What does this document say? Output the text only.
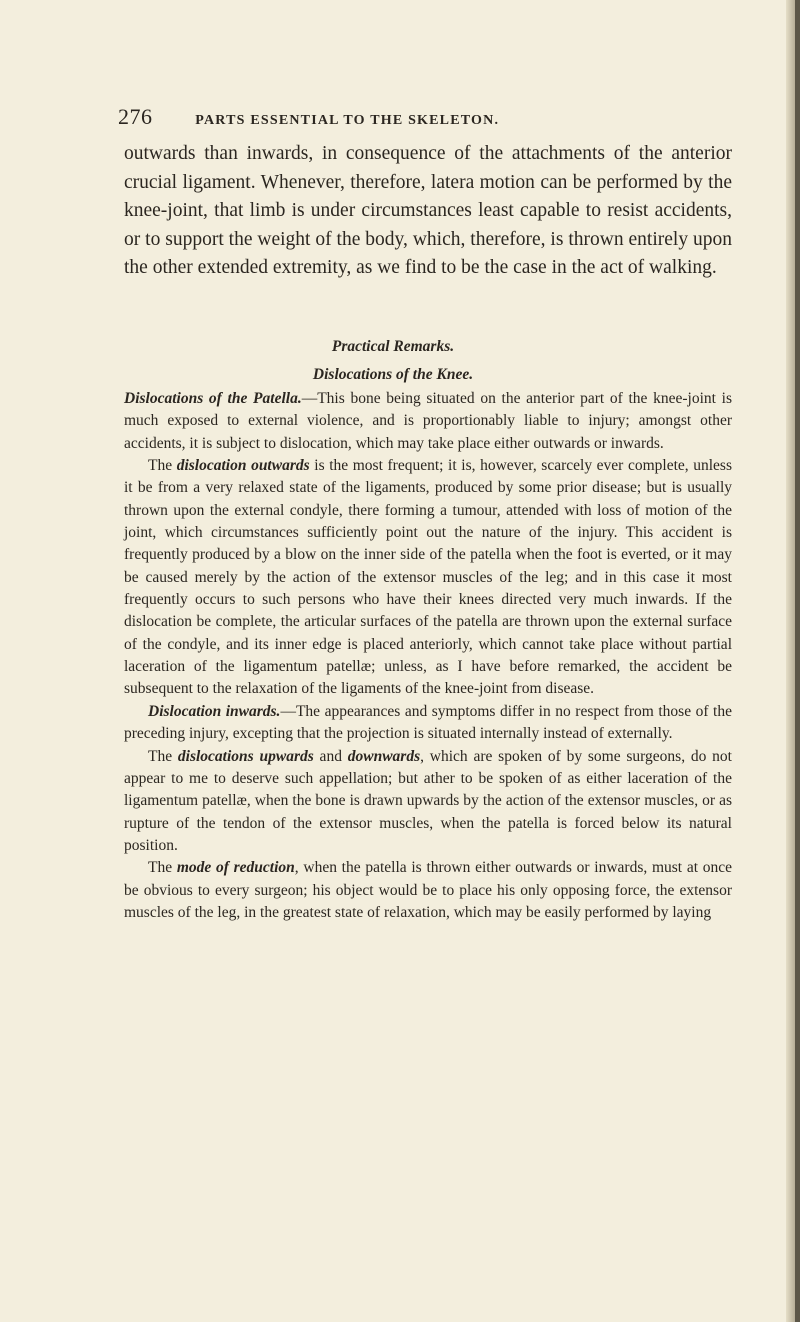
276	PARTS ESSENTIAL TO THE SKELETON.

outwards than inwards, in consequence of the attachments of the anterior crucial ligament. Whenever, therefore, latera motion can be performed by the knee-joint, that limb is under circumstances least capable to resist accidents, or to support the weight of the body, which, therefore, is thrown entirely upon the other extended extremity, as we find to be the case in the act of walking.

Practical Remarks.
Dislocations of the Knee.

Dislocations of the Patella.—This bone being situated on the anterior part of the knee-joint is much exposed to external violence, and is proportionably liable to injury; amongst other accidents, it is subject to dislocation, which may take place either outwards or inwards.

The dislocation outwards is the most frequent; it is, however, scarcely ever complete, unless it be from a very relaxed state of the ligaments, produced by some prior disease; but is usually thrown upon the external condyle, there forming a tumour, attended with loss of motion of the joint, which circumstances sufficiently point out the nature of the injury. This accident is frequently produced by a blow on the inner side of the patella when the foot is everted, or it may be caused merely by the action of the extensor muscles of the leg; and in this case it most frequently occurs to such persons who have their knees directed very much inwards. If the dislocation be complete, the articular surfaces of the patella are thrown upon the external surface of the condyle, and its inner edge is placed anteriorly, which cannot take place without partial laceration of the ligamentum patellæ; unless, as I have before remarked, the accident be subsequent to the relaxation of the ligaments of the knee-joint from disease.

Dislocation inwards.—The appearances and symptoms differ in no respect from those of the preceding injury, excepting that the projection is situated internally instead of externally.

The dislocations upwards and downwards, which are spoken of by some surgeons, do not appear to me to deserve such appellation; but ather to be spoken of as either laceration of the ligamentum patellæ, when the bone is drawn upwards by the action of the extensor muscles, or as rupture of the tendon of the extensor muscles, when the patella is forced below its natural position.

The mode of reduction, when the patella is thrown either outwards or inwards, must at once be obvious to every surgeon; his object would be to place his only opposing force, the extensor muscles of the leg, in the greatest state of relaxation, which may be easily performed by laying
